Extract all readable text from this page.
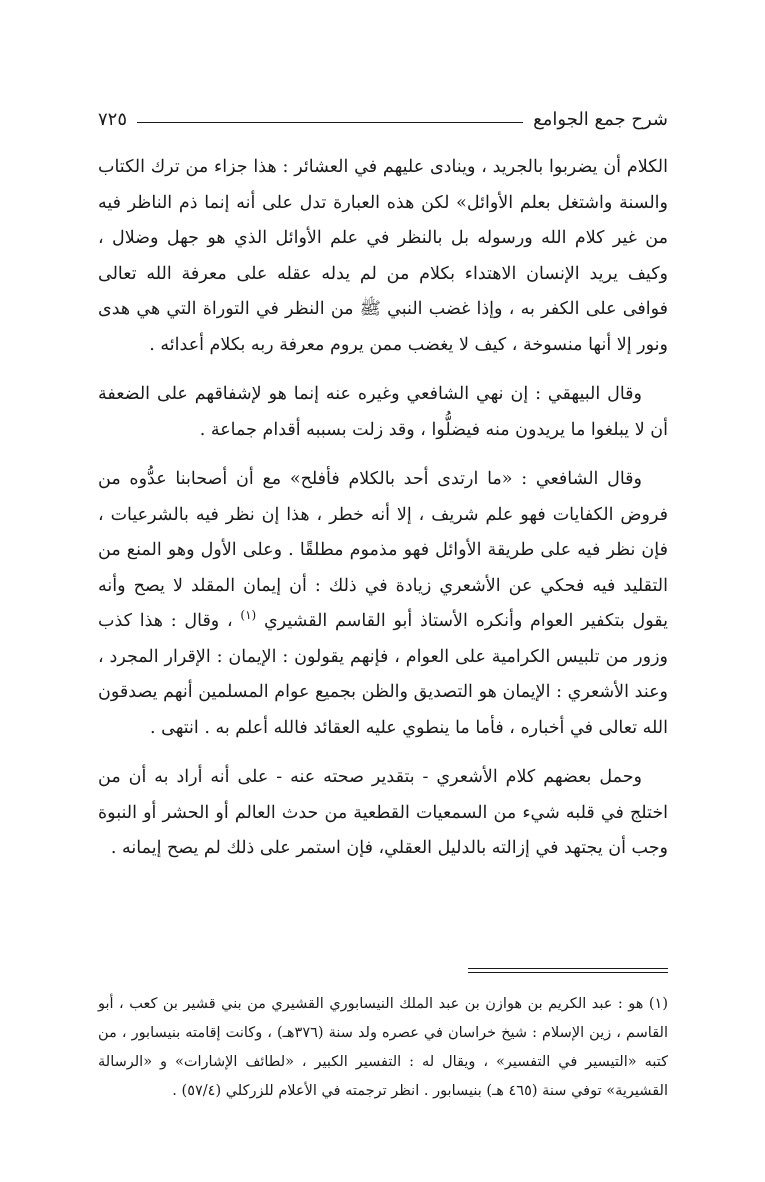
شرح جمع الجوامع
٧٢٥

الكلام أن يضربوا بالجريد ، وينادى عليهم في العشائر : هذا جزاء من ترك الكتاب والسنة واشتغل بعلم الأوائل» لكن هذه العبارة تدل على أنه إنما ذم الناظر فيه من غير كلام الله ورسوله بل بالنظر في علم الأوائل الذي هو جهل وضلال ، وكيف يريد الإنسان الاهتداء بكلام من لم يدله عقله على معرفة الله تعالى فوافى على الكفر به ، وإذا غضب النبي ﷺ من النظر في التوراة التي هي هدى ونور إلا أنها منسوخة ، كيف لا يغضب ممن يروم معرفة ربه بكلام أعدائه .

وقال البيهقي : إن نهي الشافعي وغيره عنه إنما هو لإشفاقهم على الضعفة أن لا يبلغوا ما يريدون منه فيضلُّوا ، وقد زلت بسببه أقدام جماعة .

وقال الشافعي : «ما ارتدى أحد بالكلام فأفلح» مع أن أصحابنا عدُّوه من فروض الكفايات فهو علم شريف ، إلا أنه خطر ، هذا إن نظر فيه بالشرعيات ، فإن نظر فيه على طريقة الأوائل فهو مذموم مطلقًا . وعلى الأول وهو المنع من التقليد فيه فحكي عن الأشعري زيادة في ذلك : أن إيمان المقلد لا يصح وأنه يقول بتكفير العوام وأنكره الأستاذ أبو القاسم القشيري $^{(١)}$ ، وقال : هذا كذب وزور من تلبيس الكرامية على العوام ، فإنهم يقولون : الإيمان : الإقرار المجرد ، وعند الأشعري : الإيمان هو التصديق والظن بجميع عوام المسلمين أنهم يصدقون الله تعالى في أخباره ، فأما ما ينطوي عليه العقائد فالله أعلم به . انتهى .

وحمل بعضهم كلام الأشعري - بتقدير صحته عنه - على أنه أراد به أن من اختلج في قلبه شيء من السمعيات القطعية من حدث العالم أو الحشر أو النبوة وجب أن يجتهد في إزالته بالدليل العقلي، فإن استمر على ذلك لم يصح إيمانه .

(١) هو : عبد الكريم بن هوازن بن عبد الملك النيسابوري القشيري من بني قشير بن كعب ، أبو القاسم ، زين الإسلام : شيخ خراسان في عصره ولد سنة (٣٧٦هـ) ، وكانت إقامته بنيسابور ، من كتبه «التيسير في التفسير» ، ويقال له : التفسير الكبير ، «لطائف الإشارات» و «الرسالة القشيرية» توفي سنة (٤٦٥ هـ) بنيسابور . انظر ترجمته في الأعلام للزركلي (٥٧/٤) .
